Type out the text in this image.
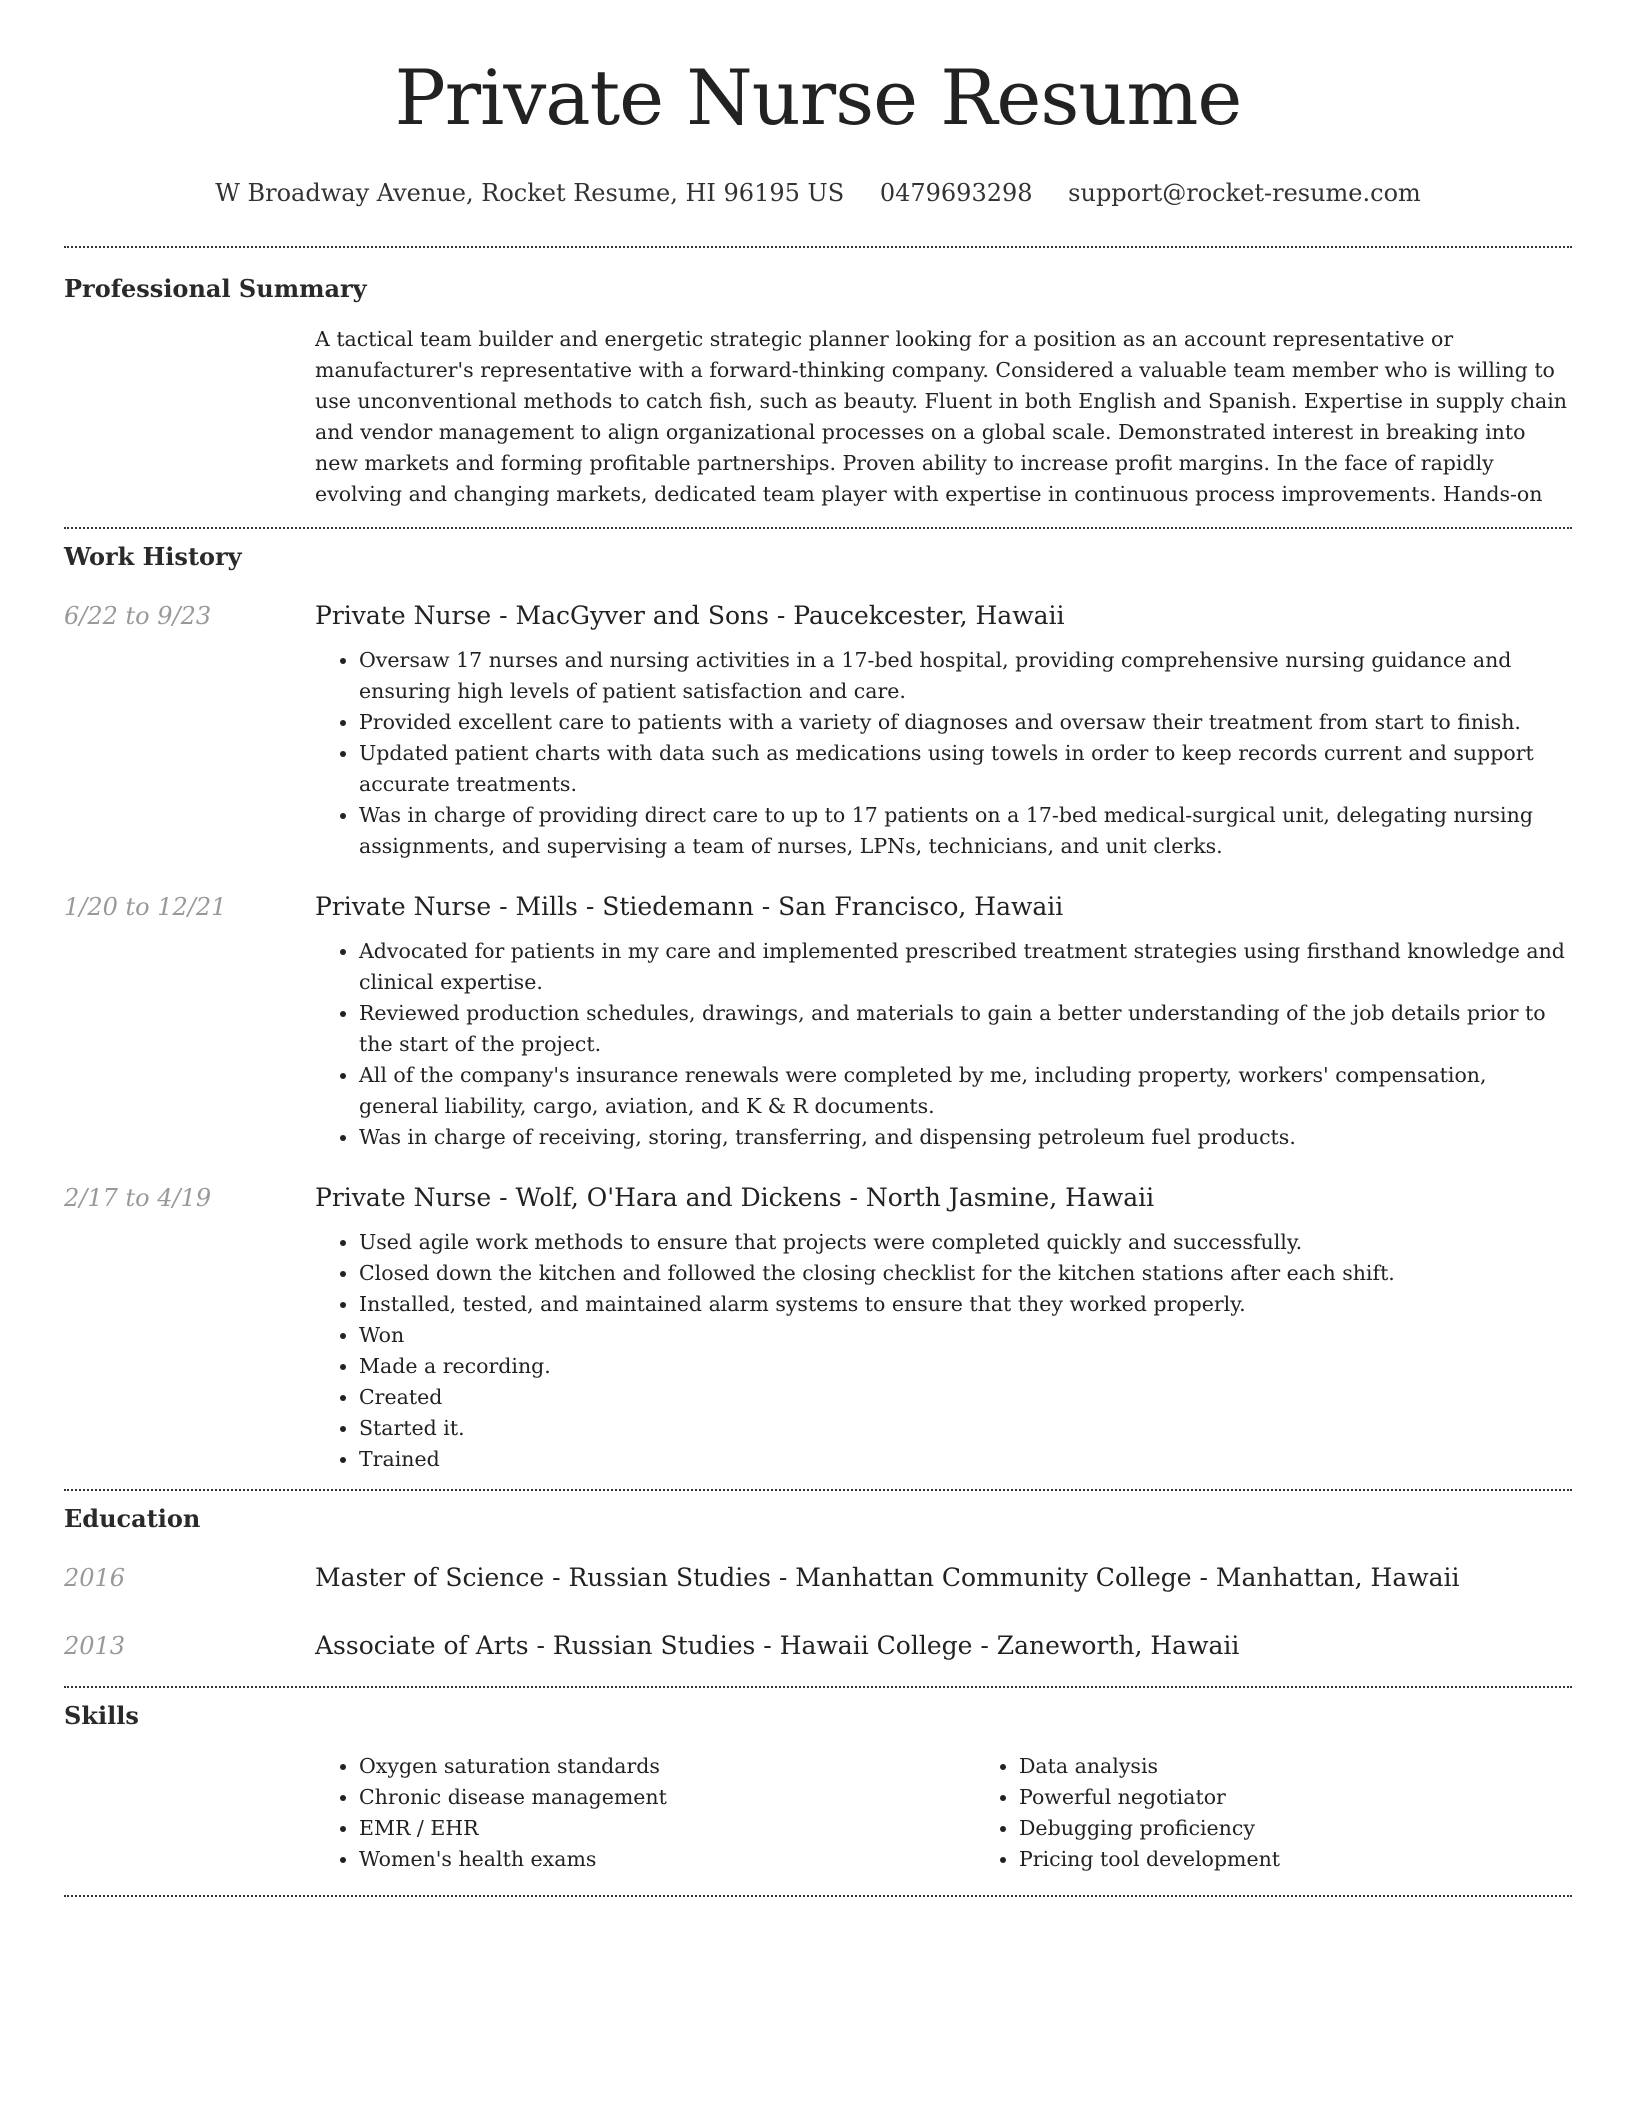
Private Nurse Resume
W Broadway Avenue, Rocket Resume, HI 96195 US 0479693298 support@rocket-resume.com
Professional Summary
A tactical team builder and energetic strategic planner looking for a position as an account representative or manufacturer's representative with a forward-thinking company. Considered a valuable team member who is willing to use unconventional methods to catch fish, such as beauty. Fluent in both English and Spanish. Expertise in supply chain and vendor management to align organizational processes on a global scale. Demonstrated interest in breaking into new markets and forming profitable partnerships. Proven ability to increase profit margins. In the face of rapidly evolving and changing markets, dedicated team player with expertise in continuous process improvements. Hands-on
Work History
6/22 to 9/23	Private Nurse - MacGyver and Sons - Paucekcester, Hawaii
• Oversaw 17 nurses and nursing activities in a 17-bed hospital, providing comprehensive nursing guidance and ensuring high levels of patient satisfaction and care.
• Provided excellent care to patients with a variety of diagnoses and oversaw their treatment from start to finish.
• Updated patient charts with data such as medications using towels in order to keep records current and support accurate treatments.
• Was in charge of providing direct care to up to 17 patients on a 17-bed medical-surgical unit, delegating nursing assignments, and supervising a team of nurses, LPNs, technicians, and unit clerks.
1/20 to 12/21	Private Nurse - Mills - Stiedemann - San Francisco, Hawaii
• Advocated for patients in my care and implemented prescribed treatment strategies using firsthand knowledge and clinical expertise.
• Reviewed production schedules, drawings, and materials to gain a better understanding of the job details prior to the start of the project.
• All of the company's insurance renewals were completed by me, including property, workers' compensation, general liability, cargo, aviation, and K & R documents.
• Was in charge of receiving, storing, transferring, and dispensing petroleum fuel products.
2/17 to 4/19	Private Nurse - Wolf, O'Hara and Dickens - North Jasmine, Hawaii
• Used agile work methods to ensure that projects were completed quickly and successfully.
• Closed down the kitchen and followed the closing checklist for the kitchen stations after each shift.
• Installed, tested, and maintained alarm systems to ensure that they worked properly.
• Won
• Made a recording.
• Created
• Started it.
• Trained
Education
2016	Master of Science - Russian Studies - Manhattan Community College - Manhattan, Hawaii
2013	Associate of Arts - Russian Studies - Hawaii College - Zaneworth, Hawaii
Skills
• Oxygen saturation standards
• Chronic disease management
• EMR / EHR
• Women's health exams
• Data analysis
• Powerful negotiator
• Debugging proficiency
• Pricing tool development
